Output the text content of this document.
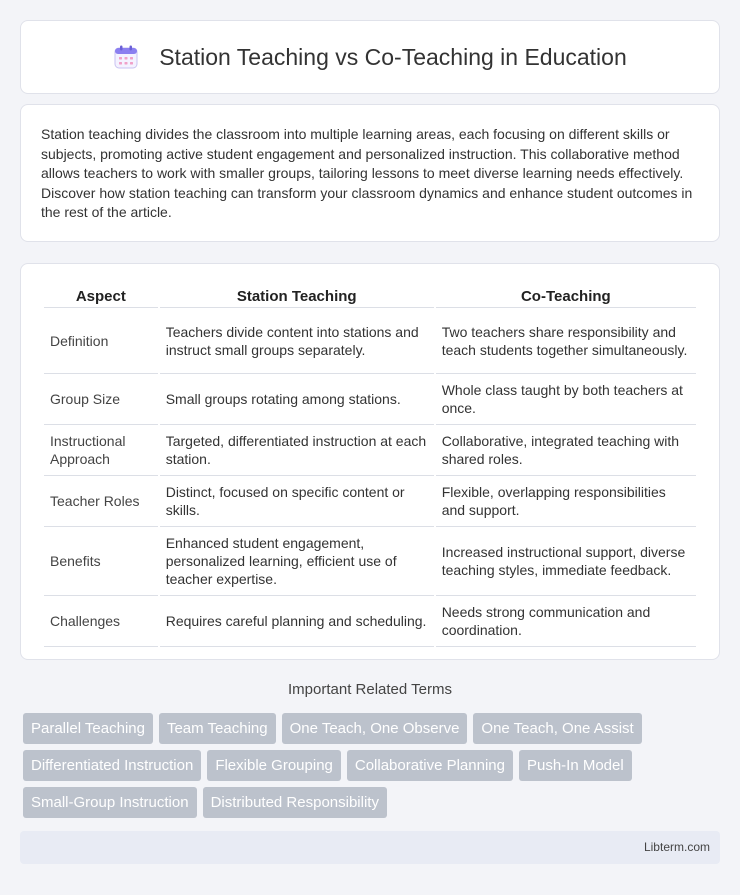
Station Teaching vs Co-Teaching in Education

Station teaching divides the classroom into multiple learning areas, each focusing on different skills or subjects, promoting active student engagement and personalized instruction. This collaborative method allows teachers to work with smaller groups, tailoring lessons to meet diverse learning needs effectively. Discover how station teaching can transform your classroom dynamics and enhance student outcomes in the rest of the article.

Aspect	Station Teaching	Co-Teaching
Definition	Teachers divide content into stations and instruct small groups separately.	Two teachers share responsibility and teach students together simultaneously.
Group Size	Small groups rotating among stations.	Whole class taught by both teachers at once.
Instructional Approach	Targeted, differentiated instruction at each station.	Collaborative, integrated teaching with shared roles.
Teacher Roles	Distinct, focused on specific content or skills.	Flexible, overlapping responsibilities and support.
Benefits	Enhanced student engagement, personalized learning, efficient use of teacher expertise.	Increased instructional support, diverse teaching styles, immediate feedback.
Challenges	Requires careful planning and scheduling.	Needs strong communication and coordination.
Important Related Terms
Parallel Teaching	Team Teaching	One Teach, One Observe	One Teach, One Assist
Differentiated Instruction	Flexible Grouping	Collaborative Planning	Push-In Model
Small-Group Instruction	Distributed Responsibility
Libterm.com
